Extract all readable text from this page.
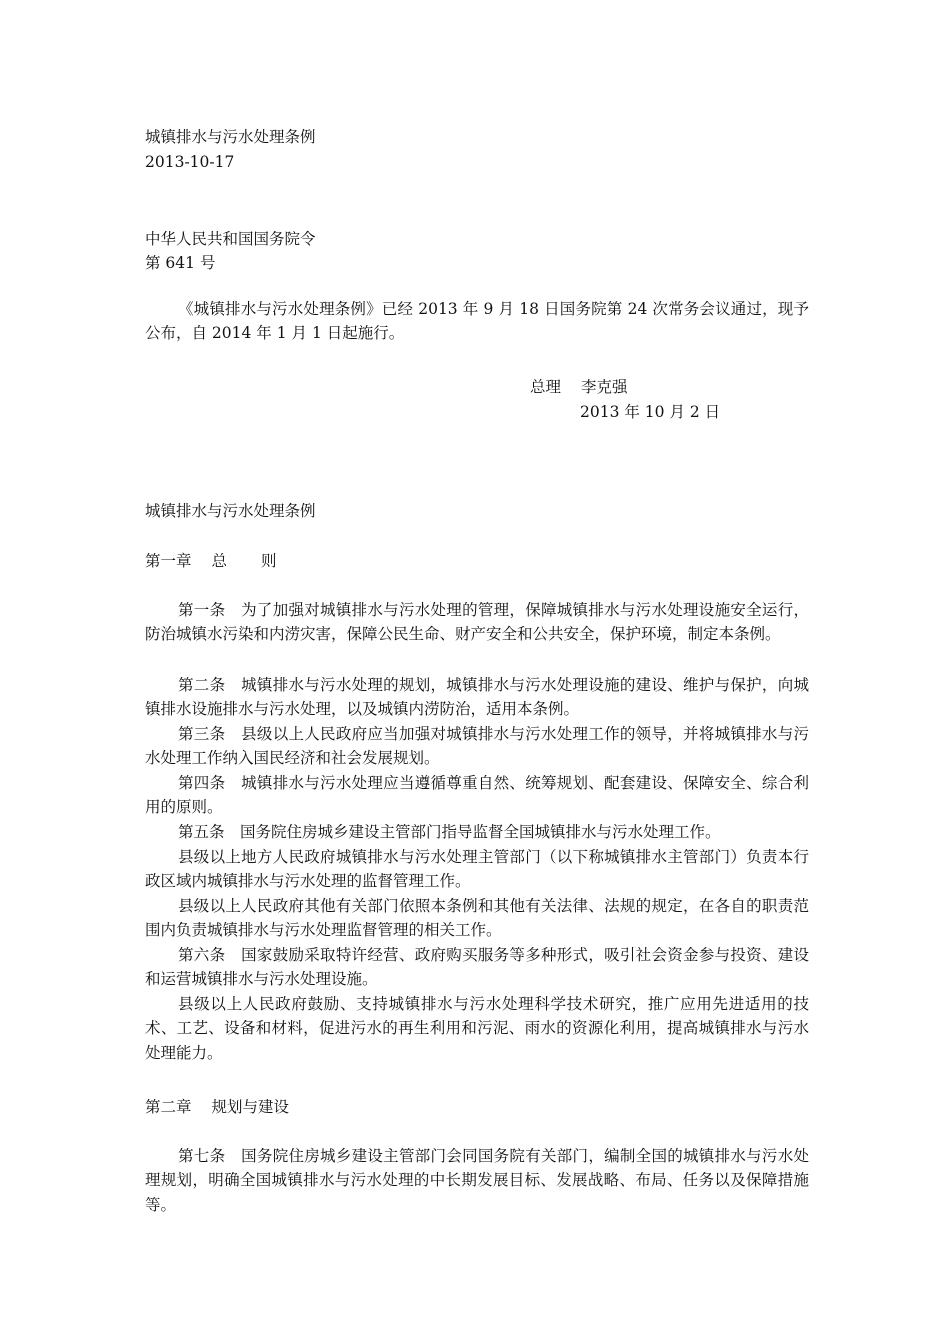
城镇排水与污水处理条例
2013-10-17
中华人民共和国国务院令
第 641 号
《城镇排水与污水处理条例》已经 2013 年 9 月 18 日国务院第 24 次常务会议通过，现予公布，自 2014 年 1 月 1 日起施行。
总理 李克强
2013 年 10 月 2 日
城镇排水与污水处理条例
第一章 总 则
第一条　为了加强对城镇排水与污水处理的管理，保障城镇排水与污水处理设施安全运行，防治城镇水污染和内涝灾害，保障公民生命、财产安全和公共安全，保护环境，制定本条例。
第二条　城镇排水与污水处理的规划，城镇排水与污水处理设施的建设、维护与保护，向城镇排水设施排水与污水处理，以及城镇内涝防治，适用本条例。
第三条　县级以上人民政府应当加强对城镇排水与污水处理工作的领导，并将城镇排水与污水处理工作纳入国民经济和社会发展规划。
第四条　城镇排水与污水处理应当遵循尊重自然、统筹规划、配套建设、保障安全、综合利用的原则。
第五条　国务院住房城乡建设主管部门指导监督全国城镇排水与污水处理工作。
县级以上地方人民政府城镇排水与污水处理主管部门（以下称城镇排水主管部门）负责本行政区域内城镇排水与污水处理的监督管理工作。
县级以上人民政府其他有关部门依照本条例和其他有关法律、法规的规定，在各自的职责范围内负责城镇排水与污水处理监督管理的相关工作。
第六条　国家鼓励采取特许经营、政府购买服务等多种形式，吸引社会资金参与投资、建设和运营城镇排水与污水处理设施。
县级以上人民政府鼓励、支持城镇排水与污水处理科学技术研究，推广应用先进适用的技术、工艺、设备和材料，促进污水的再生利用和污泥、雨水的资源化利用，提高城镇排水与污水处理能力。
第二章 规划与建设
第七条　国务院住房城乡建设主管部门会同国务院有关部门，编制全国的城镇排水与污水处理规划，明确全国城镇排水与污水处理的中长期发展目标、发展战略、布局、任务以及保障措施等。
